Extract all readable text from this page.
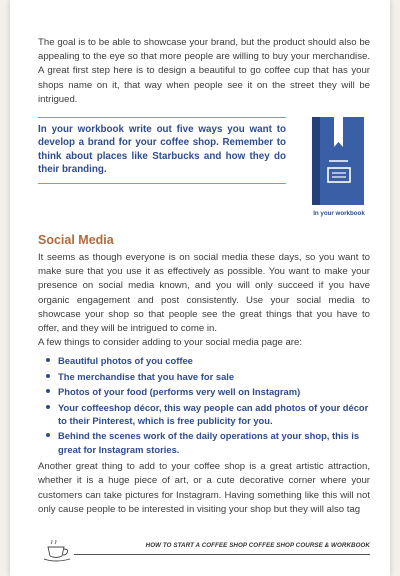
The goal is to be able to showcase your brand, but the product should also be appealing to the eye so that more people are willing to buy your merchandise. A great first step here is to design a beautiful to go coffee cup that has your shops name on it, that way when people see it on the street they will be intrigued.

In your workbook write out five ways you want to develop a brand for your coffee shop. Remember to think about places like Starbucks and how they do their branding.
In your workbook
Social Media

It seems as though everyone is on social media these days, so you want to make sure that you use it as effectively as possible. You want to make your presence on social media known, and you will only succeed if you have organic engagement and post consistently. Use your social media to showcase your shop so that people see the great things that you have to offer, and they will be intrigued to come in.

A few things to consider adding to your social media page are:

Beautiful photos of you coffee
The merchandise that you have for sale
Photos of your food (performs very well on Instagram)
Your coffeeshop décor, this way people can add photos of your décor to their Pinterest, which is free publicity for you.
Behind the scenes work of the daily operations at your shop, this is great for Instagram stories.

Another great thing to add to your coffee shop is a great artistic attraction, whether it is a huge piece of art, or a cute decorative corner where your customers can take pictures for Instagram. Having something like this will not only cause people to be interested in visiting your shop but they will also tag

HOW TO START A COFFEE SHOP COFFEE SHOP COURSE & WORKBOOK
